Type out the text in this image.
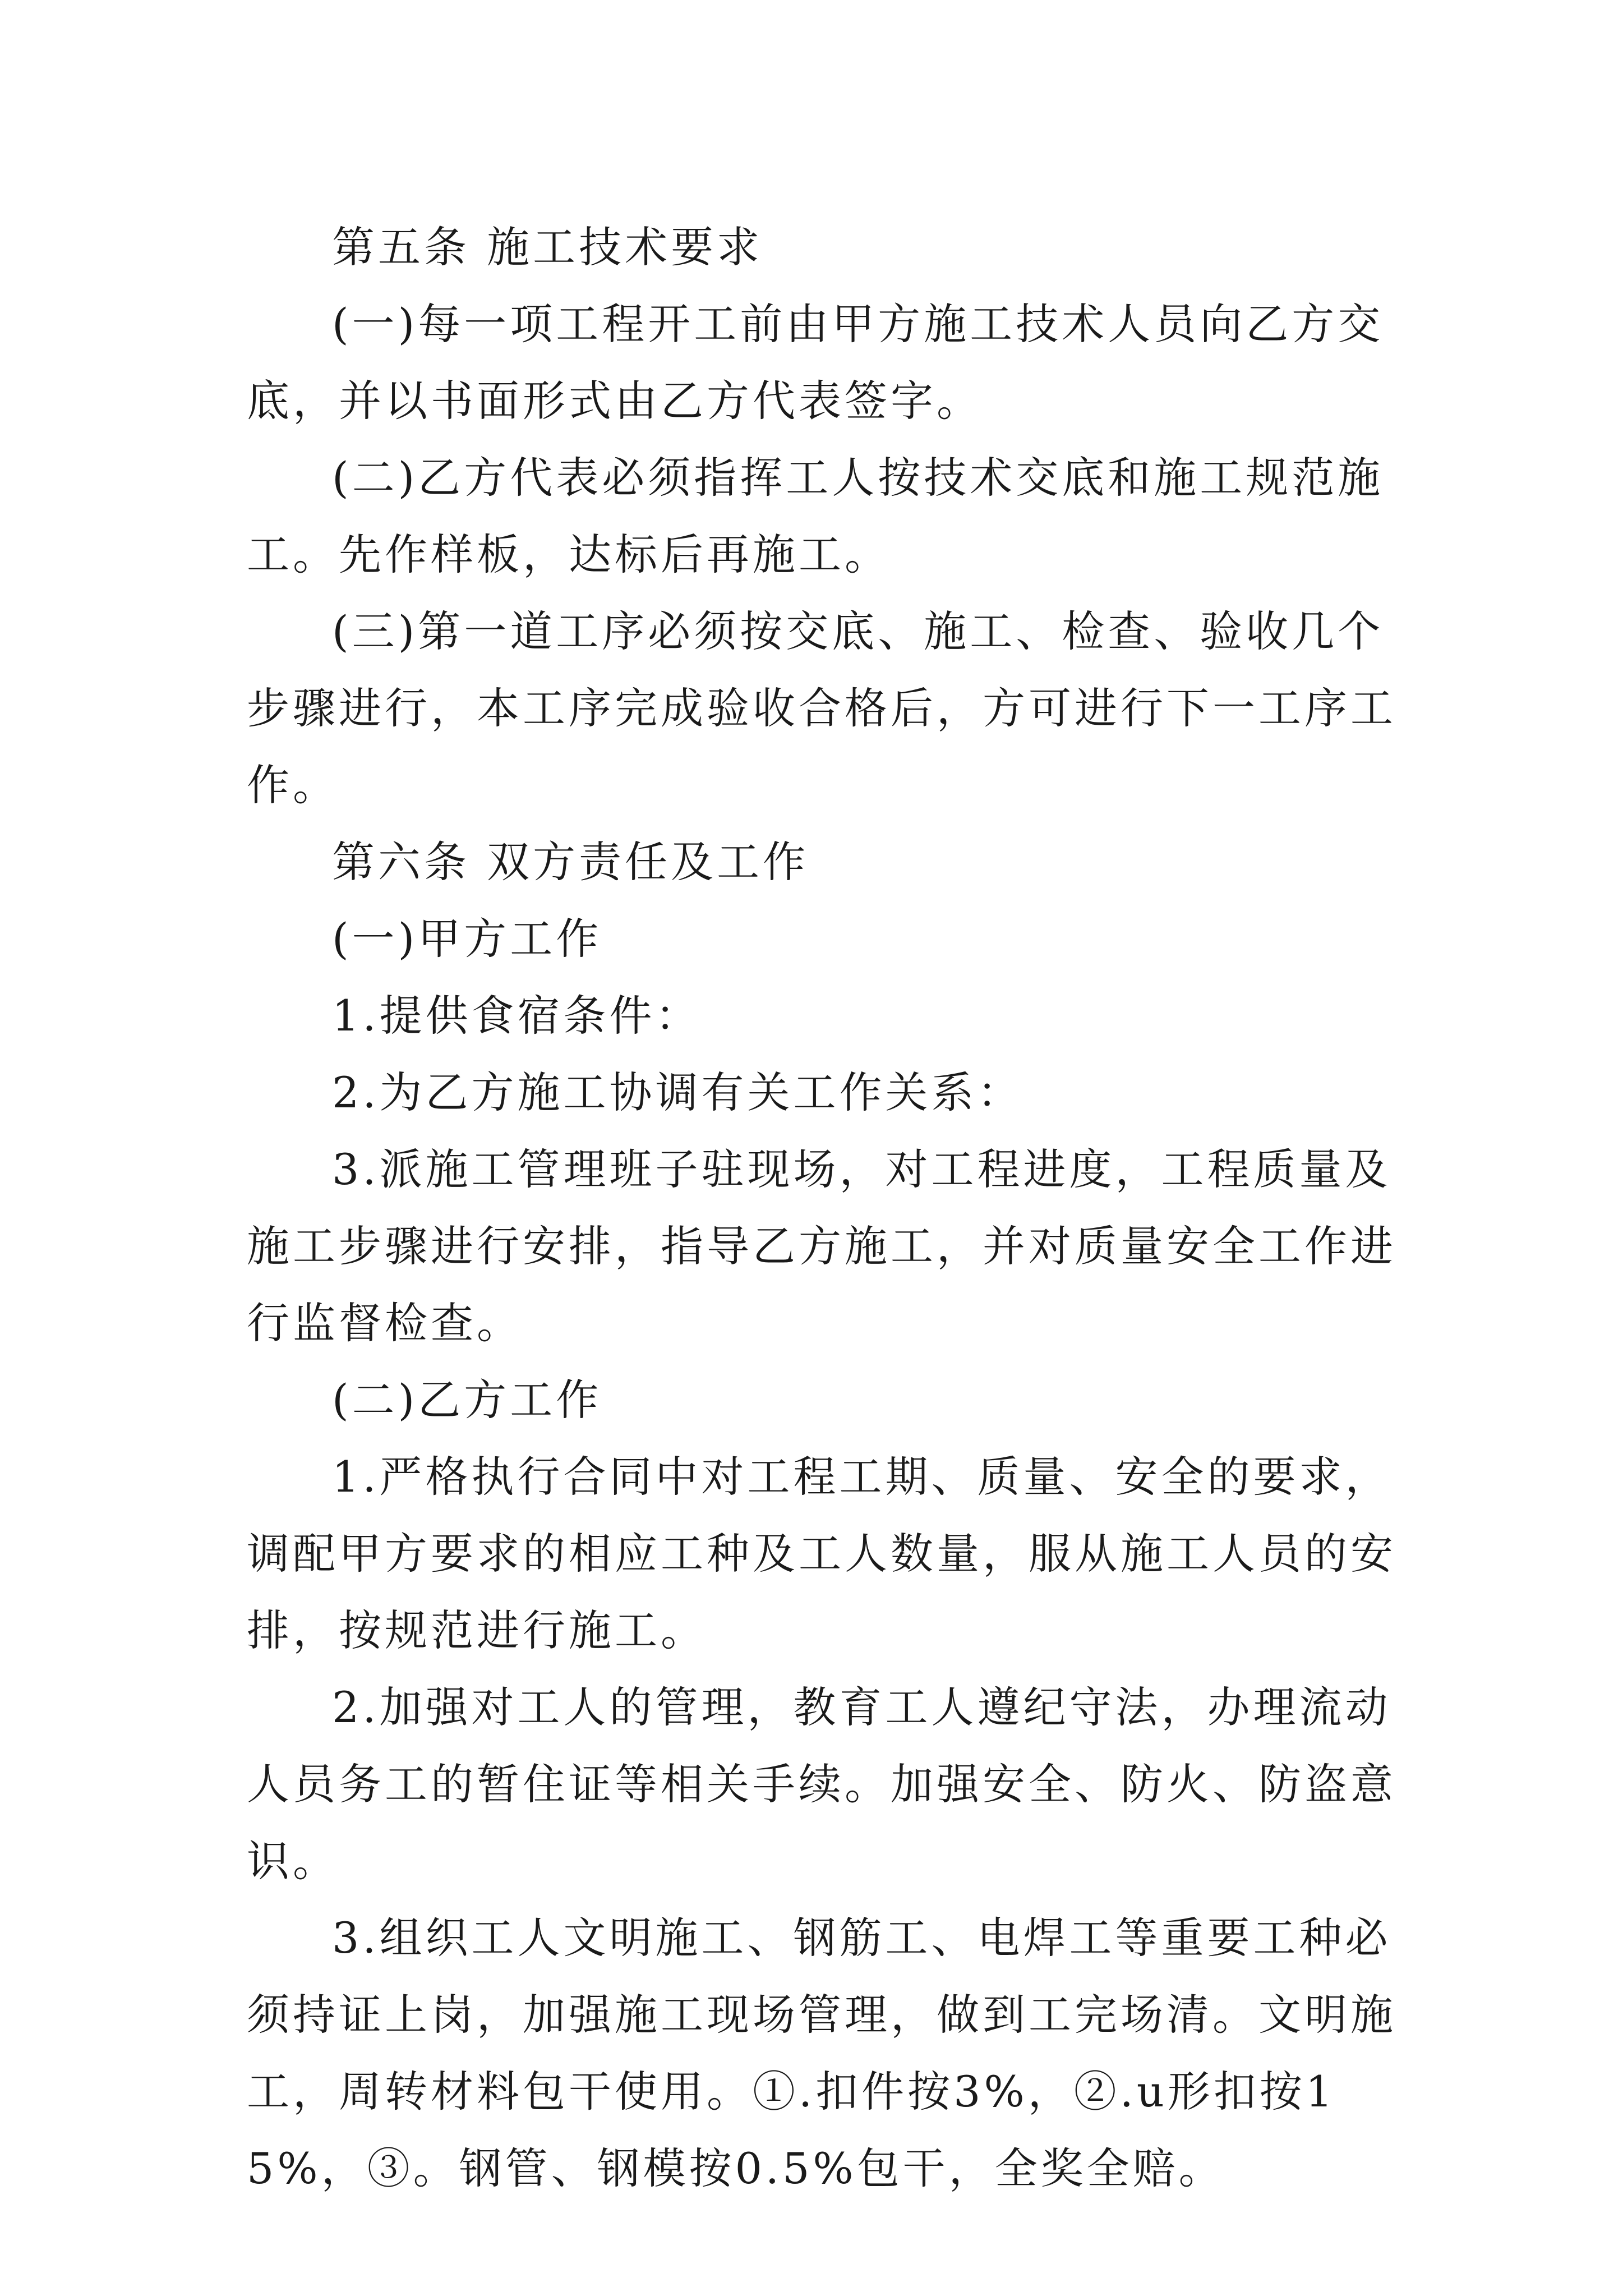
第五条 施工技术要求

(一)每一项工程开工前由甲方施工技术人员向乙方交底，并以书面形式由乙方代表签字。

(二)乙方代表必须指挥工人按技术交底和施工规范施工。先作样板，达标后再施工。

(三)第一道工序必须按交底、施工、检查、验收几个步骤进行，本工序完成验收合格后，方可进行下一工序工作。

第六条 双方责任及工作

(一)甲方工作

1.提供食宿条件：

2.为乙方施工协调有关工作关系：

3.派施工管理班子驻现场，对工程进度，工程质量及施工步骤进行安排，指导乙方施工，并对质量安全工作进行监督检查。

(二)乙方工作

1.严格执行合同中对工程工期、质量、安全的要求，调配甲方要求的相应工种及工人数量，服从施工人员的安排，按规范进行施工。

2.加强对工人的管理，教育工人遵纪守法，办理流动人员务工的暂住证等相关手续。加强安全、防火、防盗意识。

3.组织工人文明施工、钢筋工、电焊工等重要工种必须持证上岗，加强施工现场管理，做到工完场清。文明施工，周转材料包干使用。①.扣件按3%，②.u形扣按15%，③。钢管、钢模按0.5%包干，全奖全赔。
